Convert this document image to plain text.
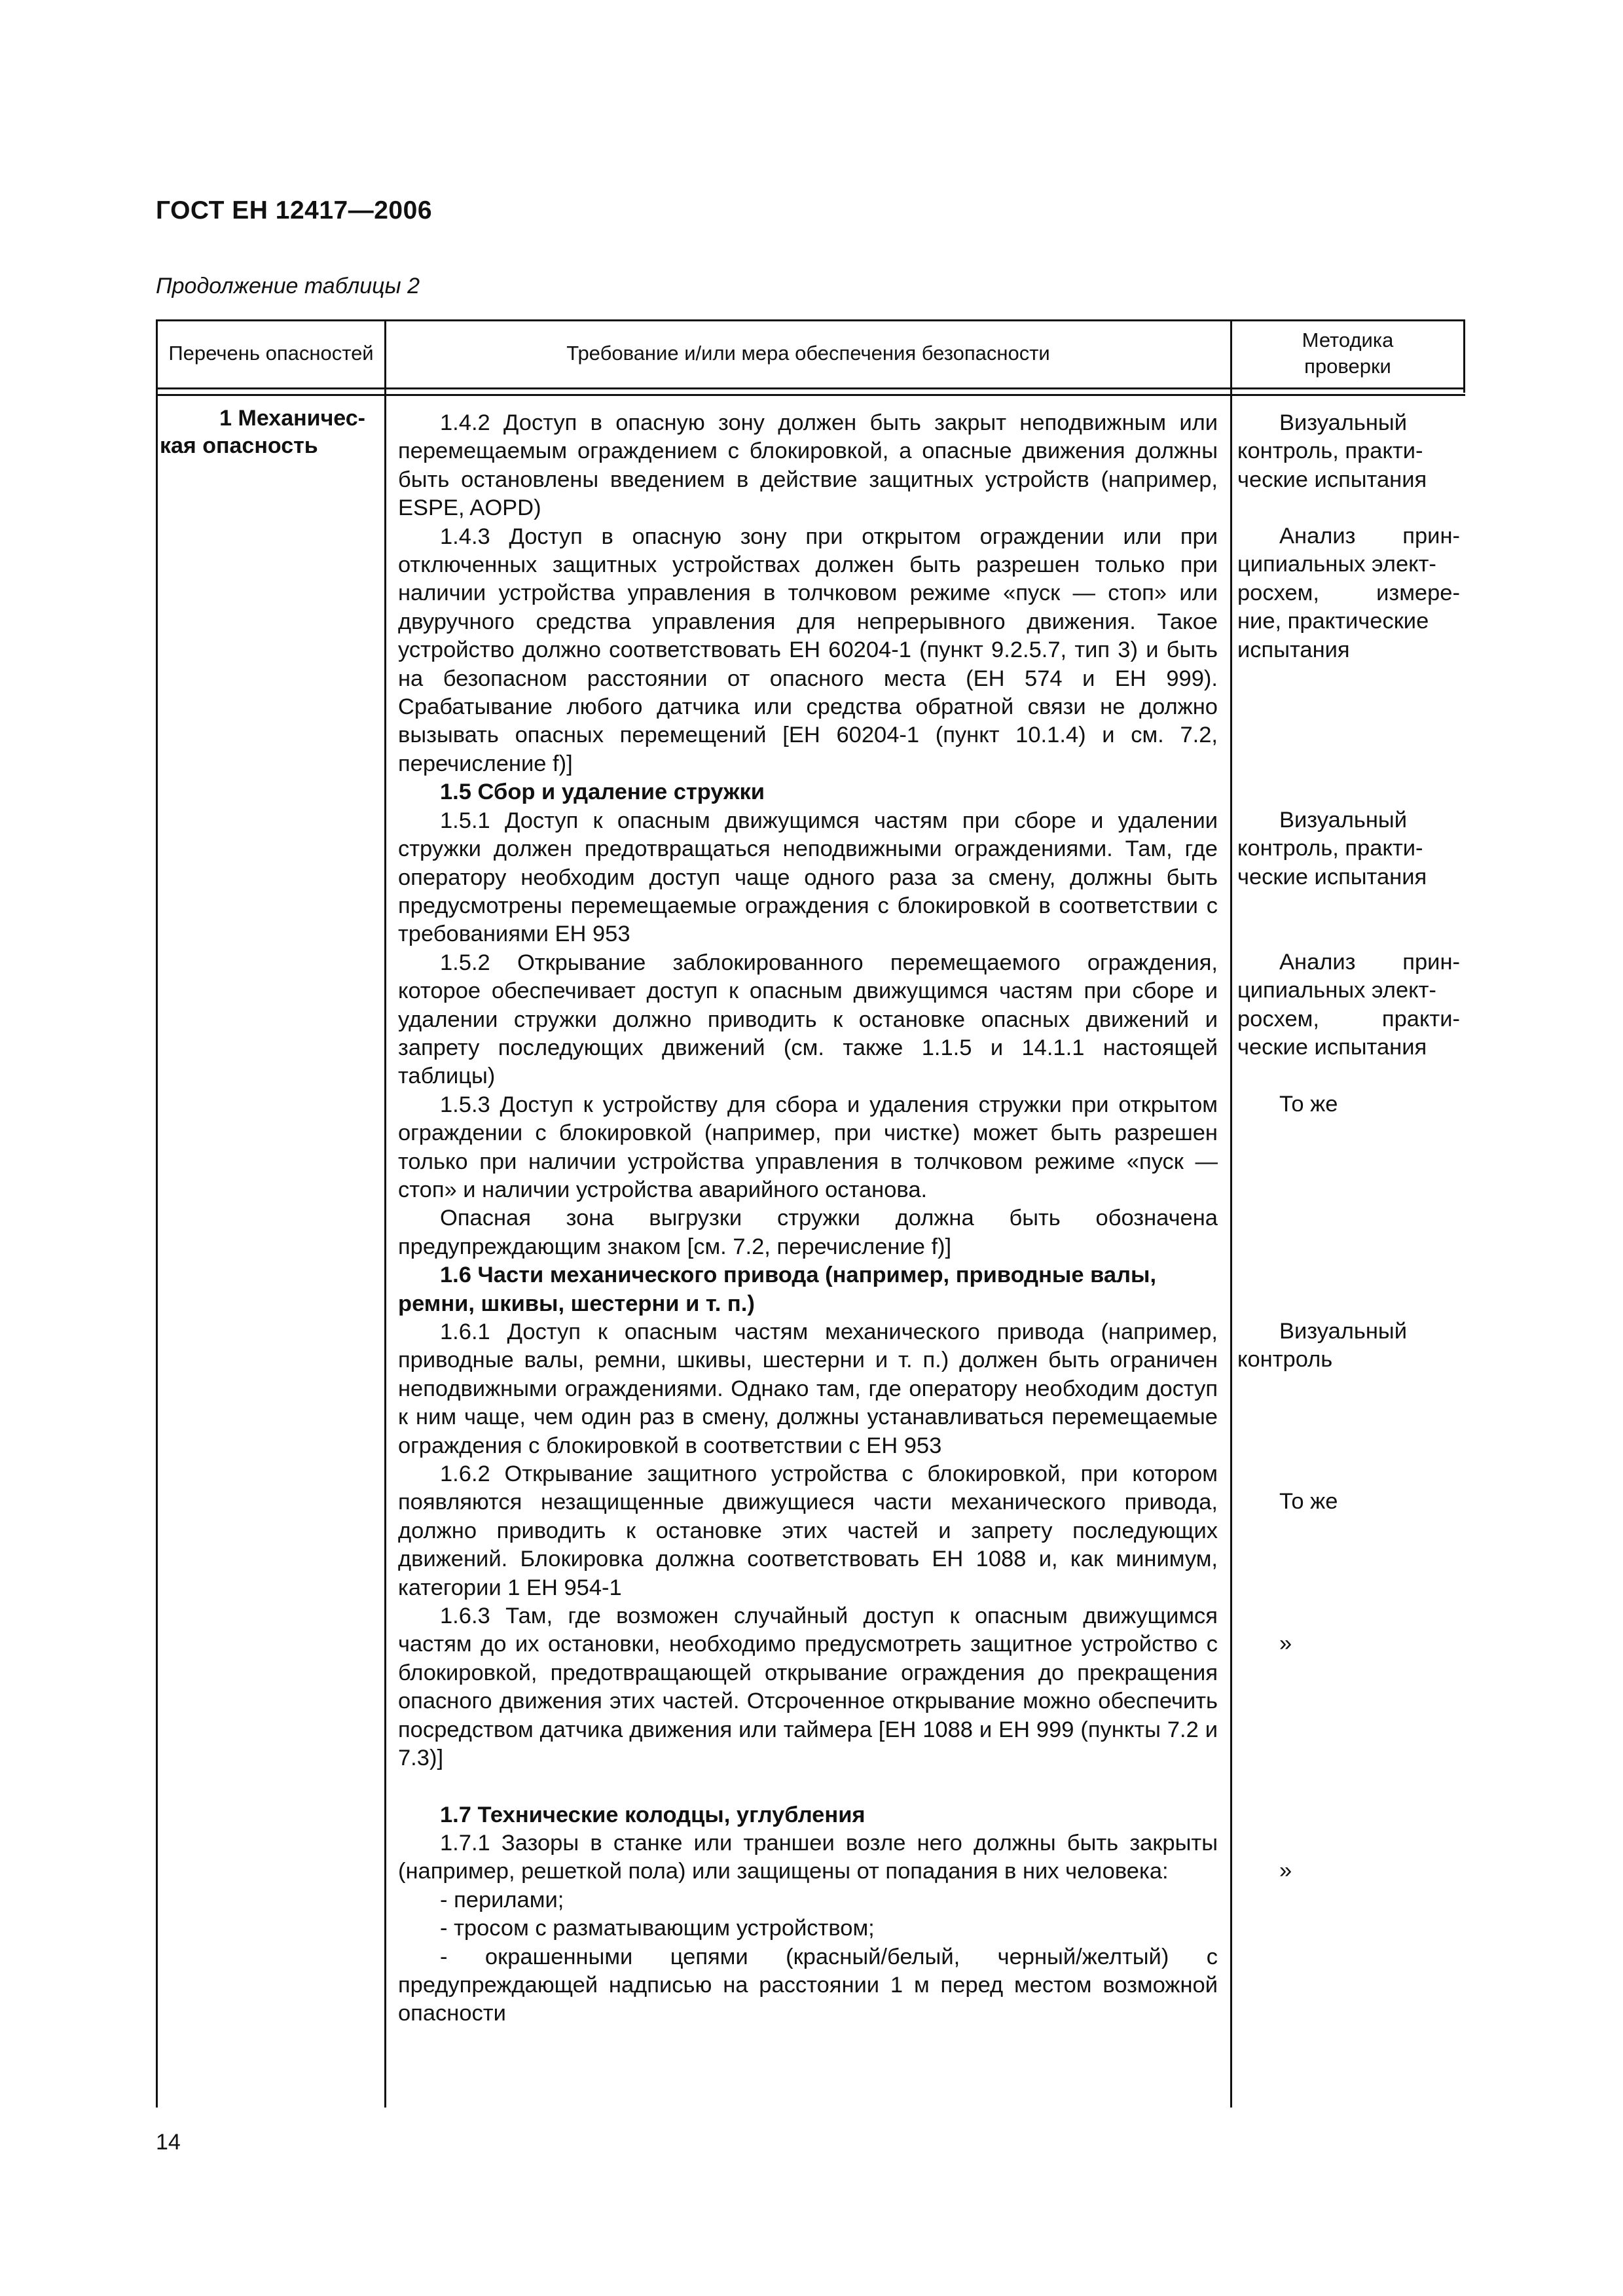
ГОСТ ЕН 12417—2006
Продолжение таблицы 2
Перечень опасностей	Требование и/или мера обеспечения безопасности
Методика проверки
1 Механичес-
кая опасность

1.4.2 Доступ в опасную зону должен быть закрыт неподвижным или перемещаемым ограждением с блокировкой, а опасные движения должны быть остановлены введением в действие защитных устройств (например, ESPE, AOPD)

1.4.3 Доступ в опасную зону при открытом ограждении или при отключенных защитных устройствах должен быть разрешен только при наличии устройства управления в толчковом режиме «пуск — стоп» или двуручного средства управления для непрерывного движения. Такое устройство должно соответствовать ЕН 60204-1 (пункт 9.2.5.7, тип 3) и быть на безопасном расстоянии от опасного места (ЕН 574 и ЕН 999). Срабатывание любого датчика или средства обратной связи не должно вызывать опасных перемещений [ЕН 60204-1 (пункт 10.1.4) и см. 7.2, перечисление f)]

1.5 Сбор и удаление стружки

1.5.1 Доступ к опасным движущимся частям при сборе и удалении стружки должен предотвращаться неподвижными ограждениями. Там, где оператору необходим доступ чаще одного раза за смену, должны быть предусмотрены перемещаемые ограждения с блокировкой в соответствии с требованиями ЕН 953

1.5.2 Открывание заблокированного перемещаемого ограждения, которое обеспечивает доступ к опасным движущимся частям при сборе и удалении стружки должно приводить к остановке опасных движений и запрету последующих движений (см. также 1.1.5 и 14.1.1 настоящей таблицы)

1.5.3 Доступ к устройству для сбора и удаления стружки при открытом ограждении с блокировкой (например, при чистке) может быть разрешен только при наличии устройства управления в толчковом режиме «пуск — стоп» и наличии устройства аварийного останова.

Опасная зона выгрузки стружки должна быть обозначена предупреждающим знаком [см. 7.2, перечисление f)]

1.6 Части механического привода (например, приводные валы, ремни, шкивы, шестерни и т. п.)

1.6.1 Доступ к опасным частям механического привода (например, приводные валы, ремни, шкивы, шестерни и т. п.) должен быть ограничен неподвижными ограждениями. Однако там, где оператору необходим доступ к ним чаще, чем один раз в смену, должны устанавливаться перемещаемые ограждения с блокировкой в соответствии с ЕН 953

1.6.2 Открывание защитного устройства с блокировкой, при котором появляются незащищенные движущиеся части механического привода, должно приводить к остановке этих частей и запрету последующих движений. Блокировка должна соответствовать ЕН 1088 и, как минимум, категории 1 ЕН 954-1

1.6.3 Там, где возможен случайный доступ к опасным движущимся частям до их остановки, необходимо предусмотреть защитное устройство с блокировкой, предотвращающей открывание ограждения до прекращения опасного движения этих частей. Отсроченное открывание можно обеспечить посредством датчика движения или таймера [ЕН 1088 и ЕН 999 (пункты 7.2 и 7.3)]

1.7 Технические колодцы, углубления

1.7.1 Зазоры в станке или траншеи возле него должны быть закрыты (например, решеткой пола) или защищены от попадания в них человека:

- перилами;

- тросом с разматывающим устройством;

- окрашенными цепями (красный/белый, черный/желтый) с предупреждающей надписью на расстоянии 1 м перед местом возможной опасности

Визуальный

контроль, практи-

ческие испытания

Анализ прин-

ципиальных элект-

росхем, измере-

ние, практические

испытания

Визуальный

контроль, практи-

ческие испытания

Анализ прин-

ципиальных элект-

росхем, практи-

ческие испытания

То же

Визуальный

контроль

То же

»

»

14
